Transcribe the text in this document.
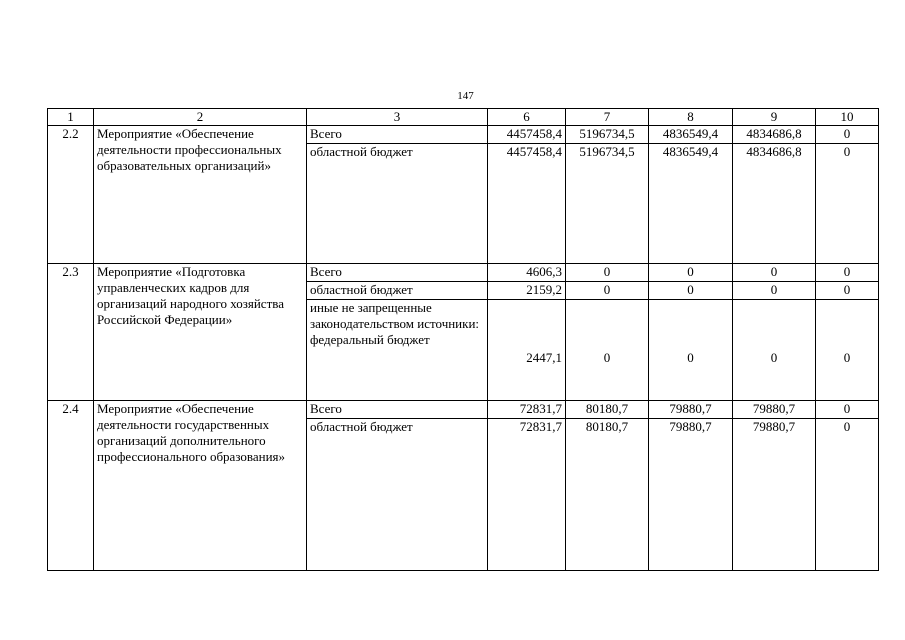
147
1	2	3	6	7	8	9	10
2.2	Мероприятие «Обеспечение деятельности профессиональных образовательных организаций»	Всего	4457458,4	5196734,5	4836549,4	4834686,8	0
		областной бюджет	4457458,4	5196734,5	4836549,4	4834686,8	0
2.3	Мероприятие «Подготовка управленческих кадров для организаций народного хозяйства Российской Федерации»	Всего	4606,3	0	0	0	0
		областной бюджет	2159,2	0	0	0	0
		иные не запрещенные законодательством источники: федеральный бюджет	2447,1	0	0	0	0
2.4	Мероприятие «Обеспечение деятельности государственных организаций дополнительного профессионального образования»	Всего	72831,7	80180,7	79880,7	79880,7	0
		областной бюджет	72831,7	80180,7	79880,7	79880,7	0
